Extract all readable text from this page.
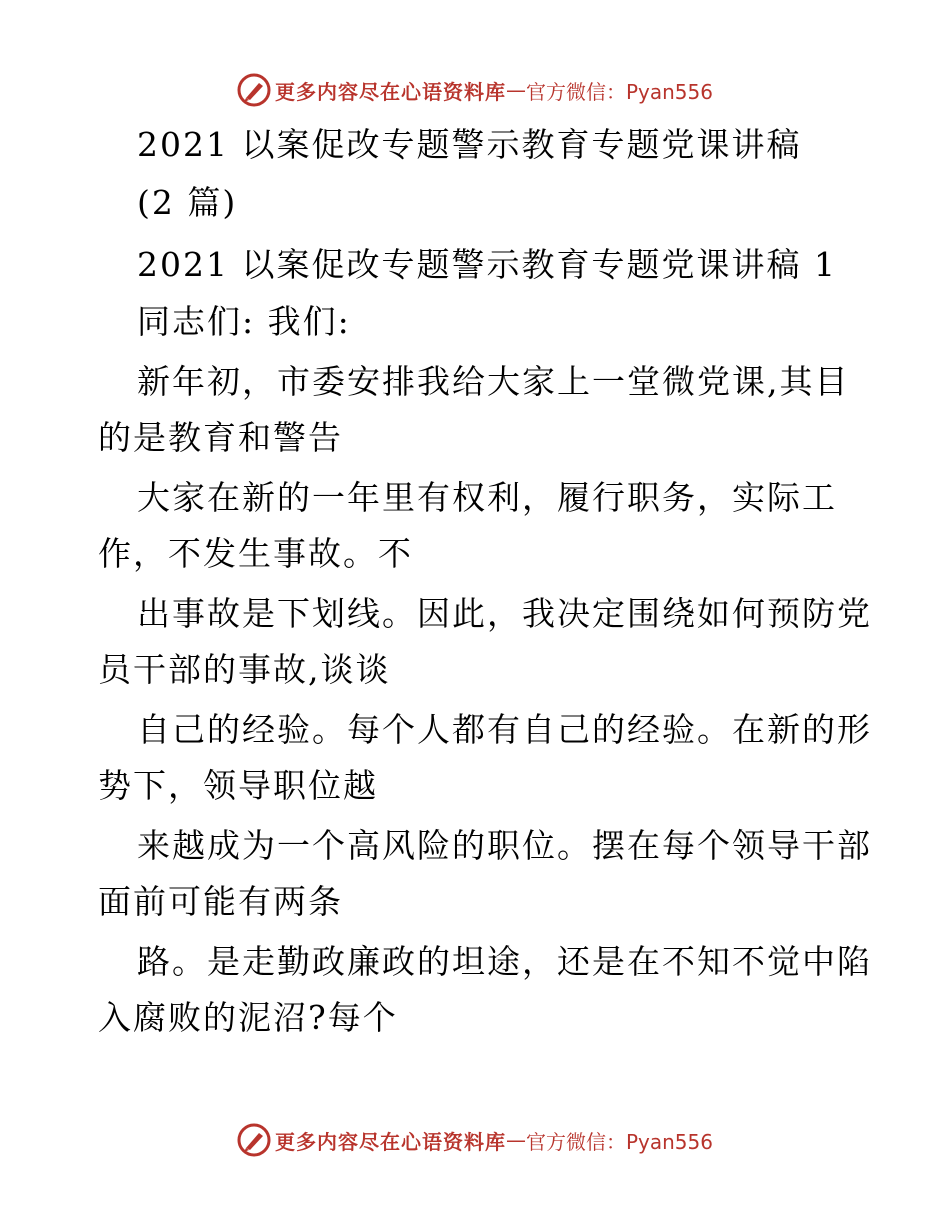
更多内容尽在心语资料库 — 官方微信：Pyan556
2021 以案促改专题警示教育专题党课讲稿
(2 篇)
2021 以案促改专题警示教育专题党课讲稿 1
同志们: 我们:
新年初，市委安排我给大家上一堂微党课,其目
的是教育和警告
大家在新的一年里有权利，履行职务，实际工
作，不发生事故。不
出事故是下划线。因此，我决定围绕如何预防党
员干部的事故,谈谈
自己的经验。每个人都有自己的经验。在新的形
势下，领导职位越
来越成为一个高风险的职位。摆在每个领导干部
面前可能有两条
路。是走勤政廉政的坦途，还是在不知不觉中陷
入腐败的泥沼?每个
更多内容尽在心语资料库 — 官方微信：Pyan556
